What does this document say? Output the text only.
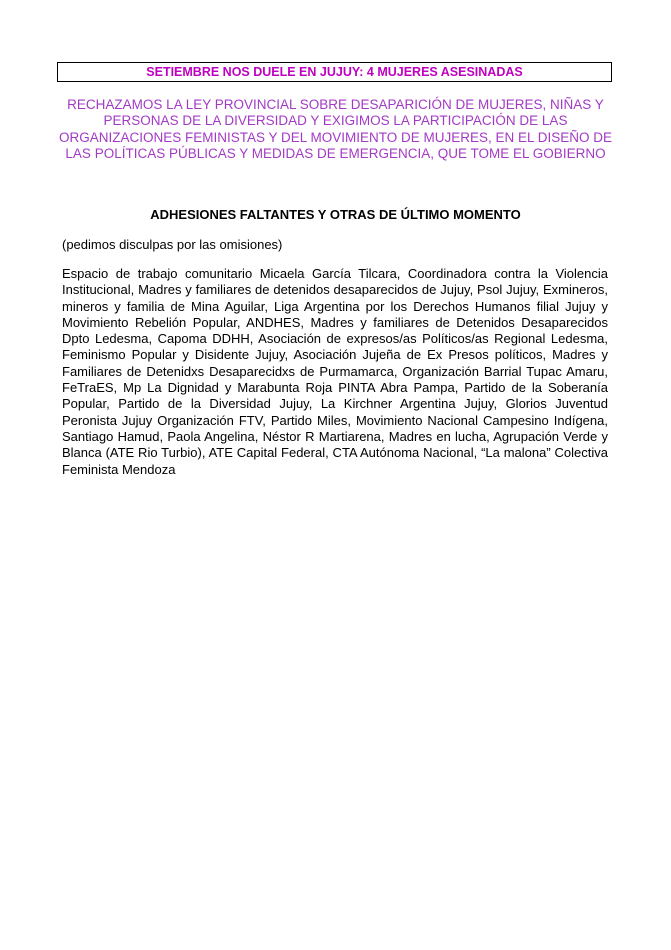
SETIEMBRE NOS DUELE EN JUJUY: 4 MUJERES ASESINADAS
RECHAZAMOS LA LEY PROVINCIAL SOBRE DESAPARICIÓN DE MUJERES, NIÑAS Y PERSONAS DE LA DIVERSIDAD Y EXIGIMOS LA PARTICIPACIÓN DE LAS ORGANIZACIONES FEMINISTAS Y DEL MOVIMIENTO DE MUJERES, EN EL DISEÑO DE LAS POLÍTICAS PÚBLICAS Y MEDIDAS DE EMERGENCIA, QUE TOME EL GOBIERNO
ADHESIONES FALTANTES Y OTRAS DE ÚLTIMO MOMENTO
(pedimos disculpas por las omisiones)
Espacio de trabajo comunitario Micaela García Tilcara, Coordinadora contra la Violencia Institucional, Madres y familiares de detenidos desaparecidos de Jujuy, Psol Jujuy, Exmineros, mineros y familia de Mina Aguilar, Liga Argentina por los Derechos Humanos filial Jujuy y Movimiento Rebelión Popular, ANDHES, Madres y familiares de Detenidos Desaparecidos Dpto Ledesma, Capoma DDHH, Asociación de expresos/as Políticos/as Regional Ledesma, Feminismo Popular y Disidente Jujuy, Asociación Jujeña de Ex Presos políticos, Madres y Familiares de Detenidxs Desaparecidxs de Purmamarca, Organización Barrial Tupac Amaru, FeTraES, Mp La Dignidad y Marabunta Roja PINTA Abra Pampa, Partido de la Soberanía Popular, Partido de la Diversidad Jujuy, La Kirchner Argentina Jujuy, Glorios Juventud Peronista Jujuy Organización FTV, Partido Miles, Movimiento Nacional Campesino Indígena, Santiago Hamud, Paola Angelina, Néstor R Martiarena, Madres en lucha, Agrupación Verde y Blanca (ATE Rio Turbio), ATE Capital Federal, CTA Autónoma Nacional, “La malona” Colectiva Feminista Mendoza
